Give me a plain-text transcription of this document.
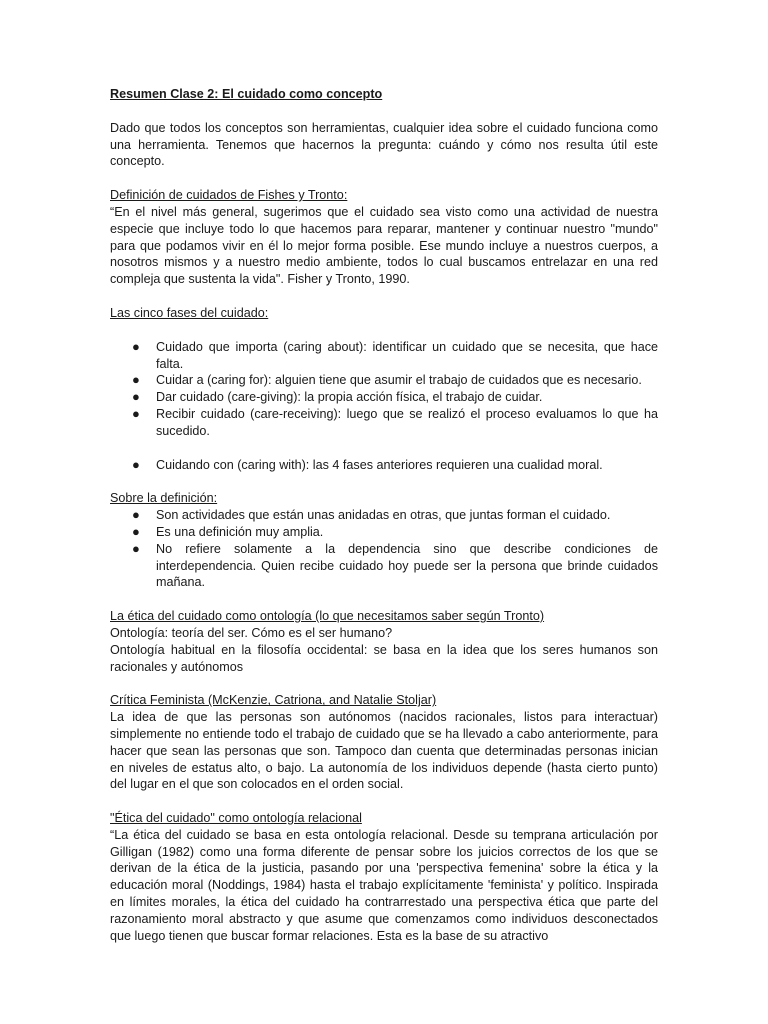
Resumen Clase 2: El cuidado como concepto

Dado que todos los conceptos son herramientas, cualquier idea sobre el cuidado funciona como una herramienta. Tenemos que hacernos la pregunta: cuándo y cómo nos resulta útil este concepto.

Definición de cuidados de Fishes y Tronto:

“En el nivel más general, sugerimos que el cuidado sea visto como una actividad de nuestra especie que incluye todo lo que hacemos para reparar, mantener y continuar nuestro "mundo" para que podamos vivir en él lo mejor forma posible. Ese mundo incluye a nuestros cuerpos, a nosotros mismos y a nuestro medio ambiente, todos lo cual buscamos entrelazar en una red compleja que sustenta la vida". Fisher y Tronto, 1990.

Las cinco fases del cuidado:

● Cuidado que importa (caring about): identificar un cuidado que se necesita, que hace falta.
● Cuidar a (caring for): alguien tiene que asumir el trabajo de cuidados que es necesario.
● Dar cuidado (care-giving): la propia acción física, el trabajo de cuidar.
● Recibir cuidado (care-receiving): luego que se realizó el proceso evaluamos lo que ha sucedido.
● Cuidando con (caring with): las 4 fases anteriores requieren una cualidad moral.

Sobre la definición:

● Son actividades que están unas anidadas en otras, que juntas forman el cuidado.
● Es una definición muy amplia.
● No refiere solamente a la dependencia sino que describe condiciones de interdependencia. Quien recibe cuidado hoy puede ser la persona que brinde cuidados mañana.

La ética del cuidado como ontología (lo que necesitamos saber según Tronto)

Ontología: teoría del ser. Cómo es el ser humano?

Ontología habitual en la filosofía occidental: se basa en la idea que los seres humanos son racionales y autónomos

Crítica Feminista (McKenzie, Catriona, and Natalie Stoljar)

La idea de que las personas son autónomos (nacidos racionales, listos para interactuar) simplemente no entiende todo el trabajo de cuidado que se ha llevado a cabo anteriormente, para hacer que sean las personas que son. Tampoco dan cuenta que determinadas personas inician en niveles de estatus alto, o bajo. La autonomía de los individuos depende (hasta cierto punto) del lugar en el que son colocados en el orden social.

"Ética del cuidado" como ontología relacional

“La ética del cuidado se basa en esta ontología relacional. Desde su temprana articulación por Gilligan (1982) como una forma diferente de pensar sobre los juicios correctos de los que se derivan de la ética de la justicia, pasando por una 'perspectiva femenina' sobre la ética y la educación moral (Noddings, 1984) hasta el trabajo explícitamente 'feminista' y político. Inspirada en límites morales, la ética del cuidado ha contrarrestado una perspectiva ética que parte del razonamiento moral abstracto y que asume que comenzamos como individuos desconectados que luego tienen que buscar formar relaciones. Esta es la base de su atractivo
